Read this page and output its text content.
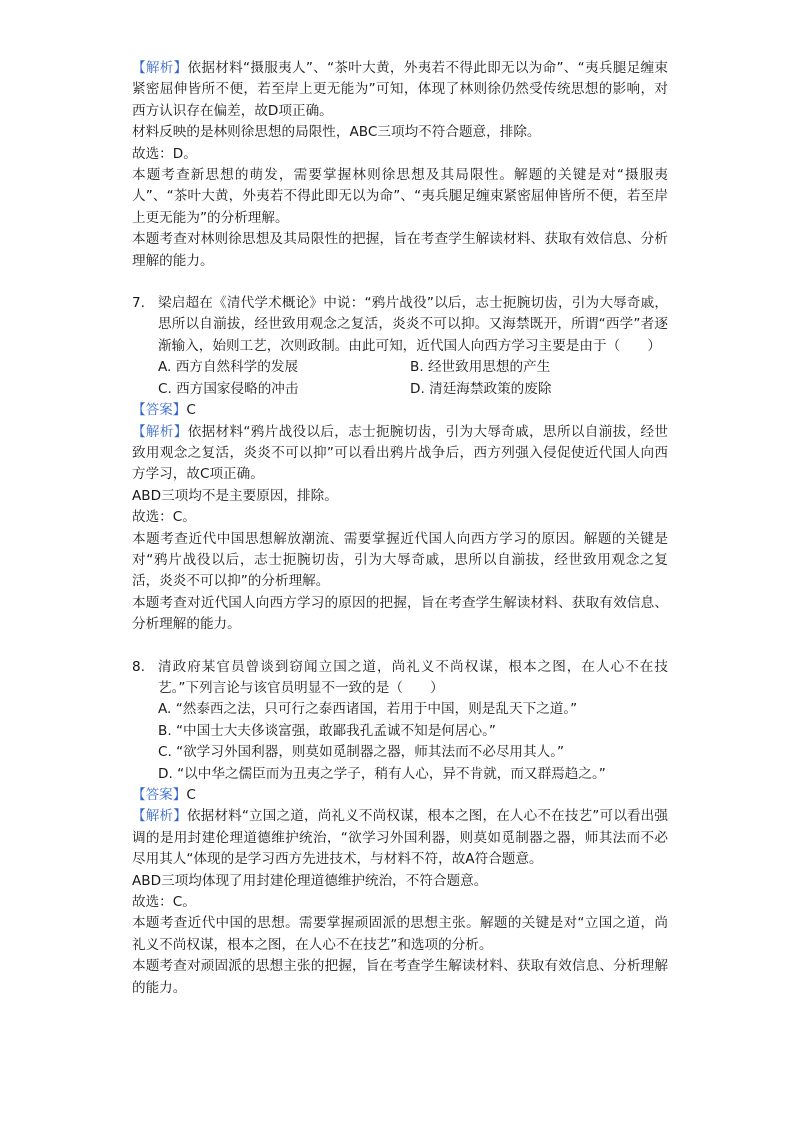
【解析】依据材料“摄服夷人”、“茶叶大黄，外夷若不得此即无以为命”、“夷兵腿足缠束紧密屈伸皆所不便，若至岸上更无能为”可知，体现了林则徐仍然受传统思想的影响，对西方认识存在偏差，故D项正确。

材料反映的是林则徐思想的局限性，ABC三项均不符合题意，排除。

故选：D。

本题考查新思想的萌发，需要掌握林则徐思想及其局限性。解题的关键是对“摄服夷人”、“茶叶大黄，外夷若不得此即无以为命”、“夷兵腿足缠束紧密屈伸皆所不便，若至岸上更无能为”的分析理解。

本题考查对林则徐思想及其局限性的把握，旨在考查学生解读材料、获取有效信息、分析理解的能力。

7. 梁启超在《清代学术概论》中说：“鸦片战役”以后，志士扼腕切齿，引为大辱奇戚，思所以自湔拔，经世致用观念之复活，炎炎不可以抑。又海禁既开，所谓“西学”者逐渐输入，始则工艺，次则政制。由此可知，近代国人向西方学习主要是由于（　　）
A. 西方自然科学的发展	B. 经世致用思想的产生
C. 西方国家侵略的冲击	D. 清廷海禁政策的废除

【答案】C

【解析】依据材料“鸦片战役以后，志士扼腕切齿，引为大辱奇戚，思所以自湔拔，经世致用观念之复活，炎炎不可以抑”可以看出鸦片战争后，西方列强入侵促使近代国人向西方学习，故C项正确。

ABD三项均不是主要原因，排除。

故选：C。

本题考查近代中国思想解放潮流、需要掌握近代国人向西方学习的原因。解题的关键是对“鸦片战役以后，志士扼腕切齿，引为大辱奇戚，思所以自湔拔，经世致用观念之复活，炎炎不可以抑”的分析理解。

本题考查对近代国人向西方学习的原因的把握，旨在考查学生解读材料、获取有效信息、分析理解的能力。

8. 清政府某官员曾谈到窃闻立国之道，尚礼义不尚权谋，根本之图，在人心不在技艺。”下列言论与该官员明显不一致的是（　　）
A. “然泰西之法，只可行之泰西诸国，若用于中国，则是乱天下之道。”
B. “中国士大夫侈谈富强，敢鄙我孔孟诚不知是何居心。”
C. “欲学习外国利器，则莫如觅制器之器，师其法而不必尽用其人。”
D. “以中华之儒臣而为丑夷之学子，稍有人心，异不肯就，而又群焉趋之。”

【答案】C

【解析】依据材料“立国之道，尚礼义不尚权谋，根本之图，在人心不在技艺”可以看出强调的是用封建伦理道德维护统治，“欲学习外国利器，则莫如觅制器之器，师其法而不必尽用其人“体现的是学习西方先进技术，与材料不符，故A符合题意。

ABD三项均体现了用封建伦理道德维护统治，不符合题意。

故选：C。

本题考查近代中国的思想。需要掌握顽固派的思想主张。解题的关键是对“立国之道，尚礼义不尚权谋，根本之图，在人心不在技艺”和选项的分析。

本题考查对顽固派的思想主张的把握，旨在考查学生解读材料、获取有效信息、分析理解的能力。
